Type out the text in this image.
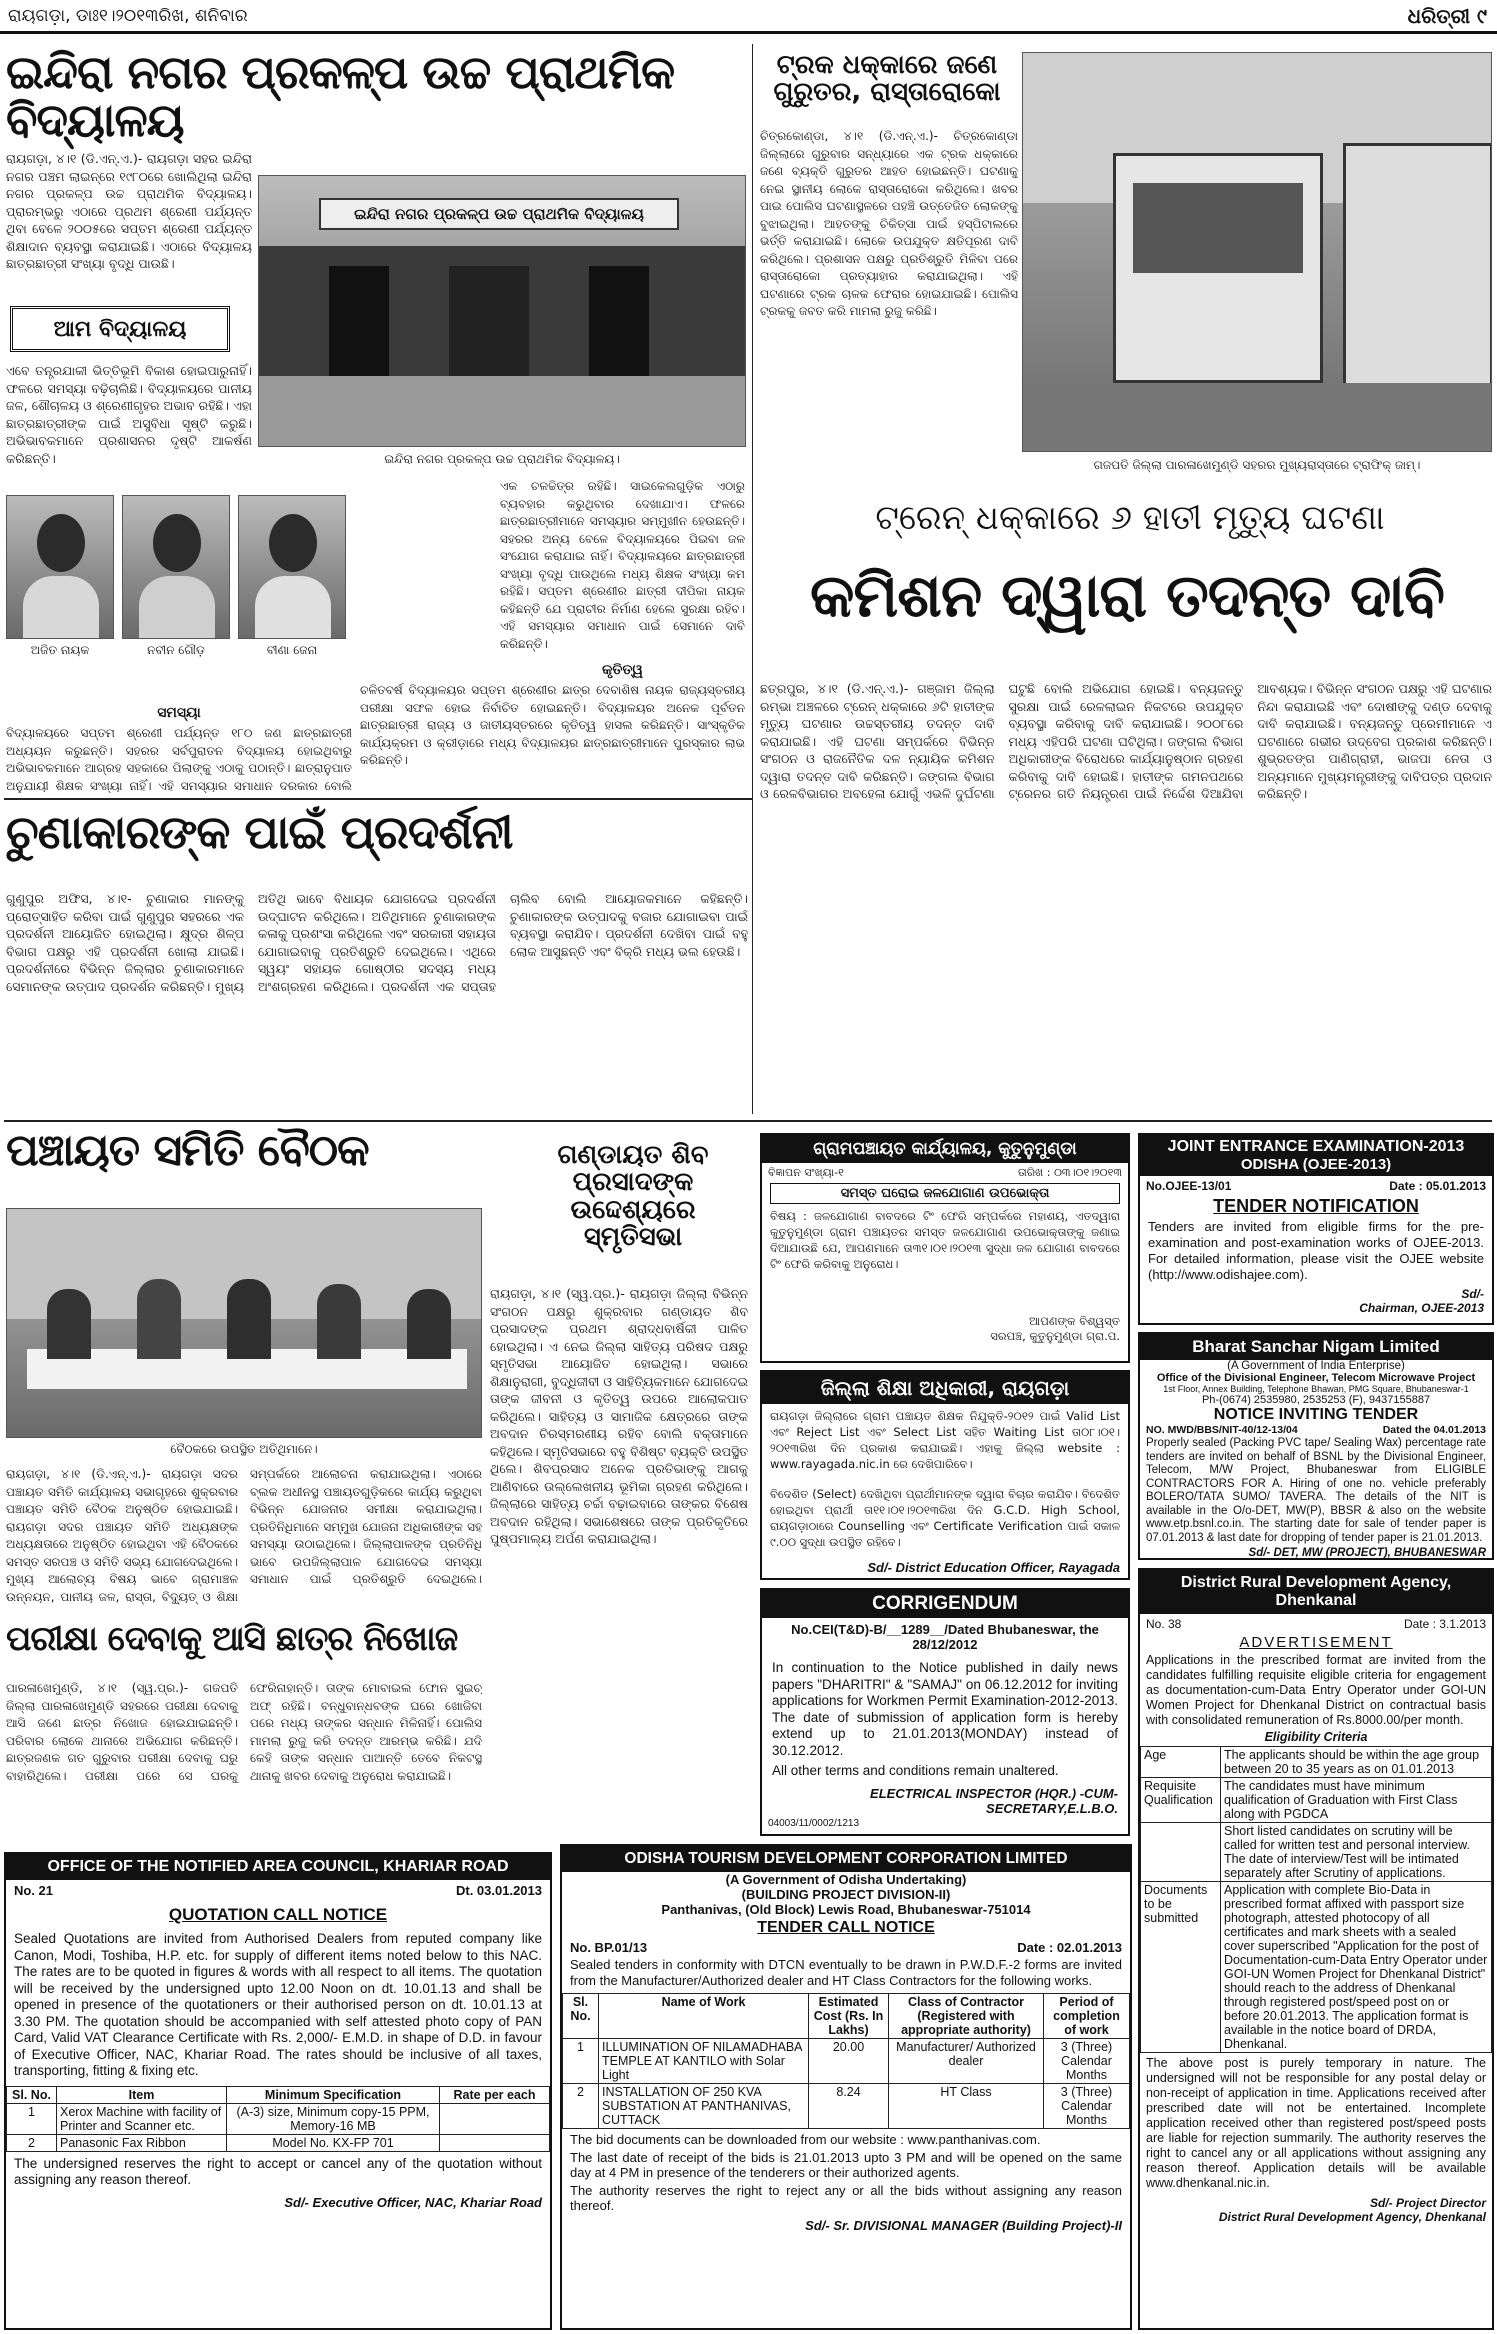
ରାୟଗଡ଼ା, ଡାଃ୧।୨୦୧୩ରିଖ, ଶନିବାର	ଧରିତ୍ରୀ ୯
ଇନ୍ଦିରା ନଗର ପ୍ରକଳ୍ପ ଉଚ୍ଚ ପ୍ରାଥମିକ ବିଦ୍ୟାଳୟ
ରାୟଗଡ଼ା, ୪।୧ (ଡି.ଏନ୍.ଏ.)- ରାୟଗଡ଼ା ସହର ଇନ୍ଦିରା ନଗର ପଞ୍ଚମ ଲାଇନ୍‌ରେ ୧୯୮୦ରେ ଖୋଲିଥିଲା ଇନ୍ଦିରା ନଗର ପ୍ରକଳ୍ପ ଉଚ୍ଚ ପ୍ରାଥମିକ ବିଦ୍ୟାଳୟ। ପ୍ରାରମ୍ଭରୁ ଏଠାରେ ପ୍ରଥମ ଶ୍ରେଣୀ ପର୍ଯ୍ୟନ୍ତ ଥିବା ବେଳେ ୨୦୦୫ରେ ସପ୍ତମ ଶ୍ରେଣୀ ପର୍ଯ୍ୟନ୍ତ ଶିକ୍ଷାଦାନ ବ୍ୟବସ୍ଥା କରାଯାଇଛି। ଏଠାରେ ବିଦ୍ୟାଳୟ ଛାତ୍ରଛାତ୍ରୀ ସଂଖ୍ୟା ବୃଦ୍ଧି ପାଉଛି।
ଆମ ବିଦ୍ୟାଳୟ
ଏବେ ତନ୍ତ୍ରଯାକୀ ଭିତ୍ତିଭୂମି ବିକାଶ ହୋଇପାରୁନାହିଁ। ଫଳରେ ସମସ୍ୟା ବଢ଼ିଚାଲିଛି। ବିଦ୍ୟାଳୟରେ ପାନୀୟ ଜଳ, ଶୌଚାଳୟ ଓ ଶ୍ରେଣୀଗୃହର ଅଭାବ ରହିଛି। ଏହା ଛାତ୍ରଛାତ୍ରୀଙ୍କ ପାଇଁ ଅସୁବିଧା ସୃଷ୍ଟି କରୁଛି। ଅଭିଭାବକମାନେ ପ୍ରଶାସନର ଦୃଷ୍ଟି ଆକର୍ଷଣ କରିଛନ୍ତି।
ଇନ୍ଦିରା ନଗର ପ୍ରକଳ୍ପ ଉଚ୍ଚ ପ୍ରାଥମିକ ବିଦ୍ୟାଳୟ
ଇନ୍ଦିରା ନଗର ପ୍ରକଳ୍ପ ଉଚ୍ଚ ପ୍ରାଥମିକ ବିଦ୍ୟାଳୟ।
ଏକ ଚଳଚ୍ଚିତ୍ର ରହିଛି। ସାଇକେଲଗୁଡ଼ିକ ଏଠାରୁ ବ୍ୟବହାର କରୁଥିବାର ଦେଖାଯାଏ। ଫଳରେ ଛାତ୍ରଛାତ୍ରୀମାନେ ସମସ୍ୟାର ସମ୍ମୁଖୀନ ହେଉଛନ୍ତି। ସହରର ଅନ୍ୟ ବେଳେ ବିଦ୍ୟାଳୟରେ ପିଇବା ଜଳ ସଂଯୋଗ କରାଯାଇ ନାହିଁ। ବିଦ୍ୟାଳୟରେ ଛାତ୍ରଛାତ୍ରୀ ସଂଖ୍ୟା ବୃଦ୍ଧି ପାଉଥିଲେ ମଧ୍ୟ ଶିକ୍ଷକ ସଂଖ୍ୟା କମ ରହିଛି। ସପ୍ତମ ଶ୍ରେଣୀର ଛାତ୍ରୀ ଦୀପିକା ନାୟକ କହିଛନ୍ତି ଯେ ପ୍ରାଚୀର ନିର୍ମାଣ ହେଲେ ସୁରକ୍ଷା ରହିବ। ଏହି ସମସ୍ୟାର ସମାଧାନ ପାଇଁ ସେମାନେ ଦାବି କରିଛନ୍ତି।
ଅଜିତ ନାୟକ	ନବୀନ ଗୌଡ଼	ବୀଣା ଜେନା
କୃତିତ୍ୱ
ଚଳିତବର୍ଷ ବିଦ୍ୟାଳୟର ସପ୍ତମ ଶ୍ରେଣୀର ଛାତ୍ର ଦେବାଶିଷ ନାୟକ ରାଜ୍ୟସ୍ତରୀୟ ପରୀକ୍ଷା ସଫଳ ହୋଇ ନିର୍ବାଚିତ ହୋଇଛନ୍ତି। ବିଦ୍ୟାଳୟର ଅନେକ ପୂର୍ବତନ ଛାତ୍ରଛାତ୍ରୀ ରାଜ୍ୟ ଓ ଜାତୀୟସ୍ତରରେ କୃତିତ୍ୱ ହାସଲ କରିଛନ୍ତି। ସାଂସ୍କୃତିକ କାର୍ଯ୍ୟକ୍ରମ ଓ କ୍ରୀଡ଼ାରେ ମଧ୍ୟ ବିଦ୍ୟାଳୟର ଛାତ୍ରଛାତ୍ରୀମାନେ ପୁରସ୍କାର ଲାଭ କରିଛନ୍ତି।
ସମସ୍ୟା
ବିଦ୍ୟାଳୟରେ ସପ୍ତମ ଶ୍ରେଣୀ ପର୍ଯ୍ୟନ୍ତ ୧୮୦ ଜଣ ଛାତ୍ରଛାତ୍ରୀ ଅଧ୍ୟୟନ କରୁଛନ୍ତି। ସହରର ସର୍ବପୁରାତନ ବିଦ୍ୟାଳୟ ହୋଇଥିବାରୁ ଅଭିଭାବକମାନେ ଆଗ୍ରହ ସହକାରେ ପିଲାଙ୍କୁ ଏଠାକୁ ପଠାନ୍ତି। ଛାତ୍ରାନୁପାତ ଅନୁଯାୟୀ ଶିକ୍ଷକ ସଂଖ୍ୟା ନାହିଁ। ଏହି ସମସ୍ୟାର ସମାଧାନ ଦରକାର ବୋଲି
ଟ୍ରକ ଧକ୍କାରେ ଜଣେ ଗୁରୁତର, ରାସ୍ତାରୋକୋ
ଚିତ୍ରକୋଣ୍ଡା, ୪।୧ (ଡି.ଏନ୍.ଏ.)- ଚିତ୍ରକୋଣ୍ଡା ଜିଲ୍ଲାରେ ଗୁରୁବାର ସନ୍ଧ୍ୟାରେ ଏକ ଟ୍ରକ ଧକ୍କାରେ ଜଣେ ବ୍ୟକ୍ତି ଗୁରୁତର ଆହତ ହୋଇଛନ୍ତି। ଘଟଣାକୁ ନେଇ ସ୍ଥାନୀୟ ଲୋକେ ରାସ୍ତାରୋକୋ କରିଥିଲେ। ଖବର ପାଇ ପୋଲିସ ଘଟଣାସ୍ଥଳରେ ପହଞ୍ଚି ଉତ୍ତେଜିତ ଲୋକଙ୍କୁ ବୁଝାଇଥିଲା। ଆହତଙ୍କୁ ଚିକିତ୍ସା ପାଇଁ ହସ୍ପିଟାଲରେ ଭର୍ତ୍ତି କରାଯାଇଛି। ଲୋକେ ଉପଯୁକ୍ତ କ୍ଷତିପୂରଣ ଦାବି କରିଥିଲେ। ପ୍ରଶାସନ ପକ୍ଷରୁ ପ୍ରତିଶ୍ରୁତି ମିଳିବା ପରେ ରାସ୍ତାରୋକୋ ପ୍ରତ୍ୟାହାର କରାଯାଇଥିଲା। ଏହି ଘଟଣାରେ ଟ୍ରକ ଚାଳକ ଫେରାର ହୋଇଯାଇଛି। ପୋଲିସ ଟ୍ରକକୁ ଜବତ କରି ମାମଲା ରୁଜୁ କରିଛି।
ଗଜପତି ଜିଲ୍ଲା ପାରଳାଖେମୁଣ୍ଡି ସହରର ମୁଖ୍ୟରାସ୍ତାରେ ଟ୍ରାଫିକ୍ ଜାମ୍।
ଟ୍ରେନ୍ ଧକ୍କାରେ ୬ ହାତୀ ମୃତ୍ୟୁ ଘଟଣା
କମିଶନ ଦ୍ୱାରା ତଦନ୍ତ ଦାବି
ଛତ୍ରପୁର, ୪।୧ (ଡି.ଏନ୍.ଏ.)- ଗଞ୍ଜାମ ଜିଲ୍ଲା ରମ୍ଭା ଅଞ୍ଚଳରେ ଟ୍ରେନ୍ ଧକ୍କାରେ ୬ଟି ହାତୀଙ୍କ ମୃତ୍ୟୁ ଘଟଣାର ଉଚ୍ଚସ୍ତରୀୟ ତଦନ୍ତ ଦାବି କରାଯାଇଛି। ଏହି ଘଟଣା ସମ୍ପର୍କରେ ବିଭିନ୍ନ ସଂଗଠନ ଓ ରାଜନୈତିକ ଦଳ ନ୍ୟାୟିକ କମିଶନ ଦ୍ୱାରା ତଦନ୍ତ ଦାବି କରିଛନ୍ତି। ଜଙ୍ଗଲ ବିଭାଗ ଓ ରେଳବିଭାଗର ଅବହେଳା ଯୋଗୁଁ ଏଭଳି ଦୁର୍ଘଟଣା ଘଟୁଛି ବୋଲି ଅଭିଯୋଗ ହୋଇଛି। ବନ୍ୟଜନ୍ତୁ ସୁରକ୍ଷା ପାଇଁ ରେଳଲାଇନ ନିକଟରେ ଉପଯୁକ୍ତ ବ୍ୟବସ୍ଥା କରିବାକୁ ଦାବି କରାଯାଇଛି। ୨୦୦୮ରେ ମଧ୍ୟ ଏହିପରି ଘଟଣା ଘଟିଥିଲା। ଜଙ୍ଗଲ ବିଭାଗ ଅଧିକାରୀଙ୍କ ବିରୋଧରେ କାର୍ଯ୍ୟାନୁଷ୍ଠାନ ଗ୍ରହଣ କରିବାକୁ ଦାବି ହୋଇଛି। ହାତୀଙ୍କ ଗମନପଥରେ ଟ୍ରେନର ଗତି ନିୟନ୍ତ୍ରଣ ପାଇଁ ନିର୍ଦ୍ଦେଶ ଦିଆଯିବା ଆବଶ୍ୟକ। ବିଭିନ୍ନ ସଂଗଠନ ପକ୍ଷରୁ ଏହି ଘଟଣାର ନିନ୍ଦା କରାଯାଇଛି ଏବଂ ଦୋଷୀଙ୍କୁ ଦଣ୍ଡ ଦେବାକୁ ଦାବି କରାଯାଇଛି। ବନ୍ୟଜନ୍ତୁ ପ୍ରେମୀମାନେ ଏ ଘଟଣାରେ ଗଭୀର ଉଦ୍‌ବେଗ ପ୍ରକାଶ କରିଛନ୍ତି। ଶୁଭ୍ରତଙ୍ଗ ପାଣିଗ୍ରାହୀ, ଭାଜପା ନେତା ଓ ଅନ୍ୟମାନେ ମୁଖ୍ୟମନ୍ତ୍ରୀଙ୍କୁ ଦାବିପତ୍ର ପ୍ରଦାନ କରିଛନ୍ତି।
ଚୁଣାକାରଙ୍କ ପାଇଁ ପ୍ରଦର୍ଶନୀ
ଗୁଣୁପୁର ଅଫିସ, ୪।୧- ଚୁଣାକାର ମାନଙ୍କୁ ପ୍ରୋତ୍ସାହିତ କରିବା ପାଇଁ ଗୁଣୁପୁର ସହରରେ ଏକ ପ୍ରଦର୍ଶନୀ ଆୟୋଜିତ ହୋଇଥିଲା। କ୍ଷୁଦ୍ର ଶିଳ୍ପ ବିଭାଗ ପକ୍ଷରୁ ଏହି ପ୍ରଦର୍ଶନୀ ଖୋଲା ଯାଇଛି। ପ୍ରଦର୍ଶନୀରେ ବିଭିନ୍ନ ଜିଲ୍ଲାର ଚୁଣାକାରମାନେ ସେମାନଙ୍କ ଉତ୍ପାଦ ପ୍ରଦର୍ଶନ କରିଛନ୍ତି। ମୁଖ୍ୟ ଅତିଥି ଭାବେ ବିଧାୟକ ଯୋଗଦେଇ ପ୍ରଦର୍ଶନୀ ଉଦ୍‌ଘାଟନ କରିଥିଲେ। ଅତିଥିମାନେ ଚୁଣାକାରଙ୍କ କଳାକୁ ପ୍ରଶଂସା କରିଥିଲେ ଏବଂ ସରକାରୀ ସହାୟତା ଯୋଗାଇବାକୁ ପ୍ରତିଶ୍ରୁତି ଦେଇଥିଲେ। ଏଥିରେ ସ୍ୱୟଂ ସହାୟକ ଗୋଷ୍ଠୀର ସଦସ୍ୟ ମଧ୍ୟ ଅଂଶଗ୍ରହଣ କରିଥିଲେ। ପ୍ରଦର୍ଶନୀ ଏକ ସପ୍ତାହ ଚାଲିବ ବୋଲି ଆୟୋଜକମାନେ କହିଛନ୍ତି। ଚୁଣାକାରଙ୍କ ଉତ୍ପାଦକୁ ବଜାର ଯୋଗାଇବା ପାଇଁ ବ୍ୟବସ୍ଥା କରାଯିବ। ପ୍ରଦର୍ଶନୀ ଦେଖିବା ପାଇଁ ବହୁ ଲୋକ ଆସୁଛନ୍ତି ଏବଂ ବିକ୍ରି ମଧ୍ୟ ଭଲ ହେଉଛି।
ପଞ୍ଚାୟତ ସମିତି ବୈଠକ
ବୈଠକରେ ଉପସ୍ଥିତ ଅତିଥିମାନେ।
ରାୟଗଡ଼ା, ୪।୧ (ଡି.ଏନ୍.ଏ.)- ରାୟଗଡ଼ା ସଦର ପଞ୍ଚାୟତ ସମିତି କାର୍ଯ୍ୟାଳୟ ସଭାଗୃହରେ ଶୁକ୍ରବାର ପଞ୍ଚାୟତ ସମିତି ବୈଠକ ଅନୁଷ୍ଠିତ ହୋଇଯାଇଛି। ରାୟଗଡ଼ା ସଦର ପଞ୍ଚାୟତ ସମିତି ଅଧ୍ୟକ୍ଷଙ୍କ ଅଧ୍ୟକ୍ଷତାରେ ଅନୁଷ୍ଠିତ ହୋଇଥିବା ଏହି ବୈଠକରେ ସମସ୍ତ ସରପଞ୍ଚ ଓ ସମିତି ସଭ୍ୟ ଯୋଗଦେଇଥିଲେ। ମୁଖ୍ୟ ଆଲୋଚ୍ୟ ବିଷୟ ଭାବେ ଗ୍ରାମାଞ୍ଚଳ ଉନ୍ନୟନ, ପାନୀୟ ଜଳ, ରାସ୍ତା, ବିଦ୍ୟୁତ୍ ଓ ଶିକ୍ଷା ସମ୍ପର୍କରେ ଆଲୋଚନା କରାଯାଇଥିଲା। ଏଠାରେ ବ୍ଲକ ଅଧୀନସ୍ଥ ପଞ୍ଚାୟତଗୁଡ଼ିକରେ କାର୍ଯ୍ୟ କରୁଥିବା ବିଭିନ୍ନ ଯୋଜନାର ସମୀକ୍ଷା କରାଯାଇଥିଲା। ପ୍ରତିନିଧିମାନେ ସମ୍ମୁଖ ଯୋଜନା ଅଧିକାରୀଙ୍କ ସହ ସମସ୍ୟା ଉଠାଇଥିଲେ। ଜିଲ୍ଲାପାଳଙ୍କ ପ୍ରତିନିଧି ଭାବେ ଉପଜିଲ୍ଲାପାଳ ଯୋଗଦେଇ ସମସ୍ୟା ସମାଧାନ ପାଇଁ ପ୍ରତିଶ୍ରୁତି ଦେଇଥିଲେ।
ଗଣ୍ଡାୟତ ଶିବ ପ୍ରସାଦଙ୍କ ଉଦ୍ଦେଶ୍ୟରେ ସ୍ମୃତିସଭା
ରାୟଗଡ଼ା, ୪।୧ (ସ୍ୱ.ପ୍ର.)- ରାୟଗଡ଼ା ଜିଲ୍ଲା ବିଭିନ୍ନ ସଂଗଠନ ପକ୍ଷରୁ ଶୁକ୍ରବାର ଗଣ୍ଡାୟତ ଶିବ ପ୍ରସାଦଙ୍କ ପ୍ରଥମ ଶ୍ରାଦ୍ଧବାର୍ଷିକୀ ପାଳିତ ହୋଇଥିଲା। ଏ ନେଇ ଜିଲ୍ଲା ସାହିତ୍ୟ ପରିଷଦ ପକ୍ଷରୁ ସ୍ମୃତିସଭା ଆୟୋଜିତ ହୋଇଥିଲା। ସଭାରେ ଶିକ୍ଷାନୁରାଗୀ, ବୁଦ୍ଧିଜୀବୀ ଓ ସାହିତ୍ୟିକମାନେ ଯୋଗଦେଇ ତାଙ୍କ ଜୀବନୀ ଓ କୃତିତ୍ୱ ଉପରେ ଆଲୋକପାତ କରିଥିଲେ। ସାହିତ୍ୟ ଓ ସାମାଜିକ କ୍ଷେତ୍ରରେ ତାଙ୍କ ଅବଦାନ ଚିରସ୍ମରଣୀୟ ରହିବ ବୋଲି ବକ୍ତାମାନେ କହିଥିଲେ। ସ୍ମୃତିସଭାରେ ବହୁ ବିଶିଷ୍ଟ ବ୍ୟକ୍ତି ଉପସ୍ଥିତ ଥିଲେ। ଶିବପ୍ରସାଦ ଅନେକ ପ୍ରତିଭାଙ୍କୁ ଆଗକୁ ଆଣିବାରେ ଉଲ୍ଲେଖନୀୟ ଭୂମିକା ଗ୍ରହଣ କରିଥିଲେ। ଜିଲ୍ଲାରେ ସାହିତ୍ୟ ଚର୍ଚ୍ଚା ବଢ଼ାଇବାରେ ତାଙ୍କର ବିଶେଷ ଅବଦାନ ରହିଥିଲା। ସଭାଶେଷରେ ତାଙ୍କ ପ୍ରତିକୃତିରେ ପୁଷ୍ପମାଲ୍ୟ ଅର୍ପଣ କରାଯାଇଥିଲା।
ପରୀକ୍ଷା ଦେବାକୁ ଆସି ଛାତ୍ର ନିଖୋଜ
ପାରଳାଖେମୁଣ୍ଡି, ୪।୧ (ସ୍ୱ.ପ୍ର.)- ଗଜପତି ଜିଲ୍ଲା ପାରଳାଖେମୁଣ୍ଡି ସହରରେ ପରୀକ୍ଷା ଦେବାକୁ ଆସି ଜଣେ ଛାତ୍ର ନିଖୋଜ ହୋଇଯାଇଛନ୍ତି। ପରିବାର ଲୋକେ ଥାନାରେ ଅଭିଯୋଗ କରିଛନ୍ତି। ଛାତ୍ରଜଣକ ଗତ ଗୁରୁବାର ପରୀକ୍ଷା ଦେବାକୁ ଘରୁ ବାହାରିଥିଲେ। ପରୀକ୍ଷା ପରେ ସେ ଘରକୁ ଫେରିନାହାନ୍ତି। ତାଙ୍କ ମୋବାଇଲ ଫୋନ ସୁଇଚ୍ ଅଫ୍ ରହିଛି। ବନ୍ଧୁବାନ୍ଧବଙ୍କ ଘରେ ଖୋଜିବା ପରେ ମଧ୍ୟ ତାଙ୍କର ସନ୍ଧାନ ମିଳିନାହିଁ। ପୋଲିସ ମାମଲା ରୁଜୁ କରି ତଦନ୍ତ ଆରମ୍ଭ କରିଛି। ଯଦି କେହି ତାଙ୍କ ସନ୍ଧାନ ପାଆନ୍ତି ତେବେ ନିକଟସ୍ଥ ଥାନାକୁ ଖବର ଦେବାକୁ ଅନୁରୋଧ କରାଯାଇଛି।
ଗ୍ରାମପଞ୍ଚାୟତ କାର୍ଯ୍ୟାଳୟ, କୁତୁନୁମୁଣ୍ଡା
ବିଜ୍ଞାପନ ସଂଖ୍ୟା-୧	ତାରିଖ : ୦୩।୦୧।୨୦୧୩
ସମସ୍ତ ଘରୋଇ ଜଳଯୋଗାଣ ଉପଭୋକ୍ତା
ବିଷୟ : ଜଳଯୋଗାଣ ବାବଦରେ ଟିଂ ଫେରି ସମ୍ପର୍କରେ ମହାଶୟ, ଏତଦ୍ୱାରା କୁତୁନୁମୁଣ୍ଡା ଗ୍ରାମ ପଞ୍ଚାୟତର ସମସ୍ତ ଜଳଯୋଗାଣ ଉପଭୋକ୍ତାଙ୍କୁ ଜଣାଇ ଦିଆଯାଉଛି ଯେ, ଆପଣମାନେ ତା୩୧।୦୧।୨୦୧୩ ସୁଦ୍ଧା ଜଳ ଯୋଗାଣ ବାବଦରେ ଟିଂ ଫେରି କରିବାକୁ ଅନୁରୋଧ।
ଆପଣଙ୍କ ବିଶ୍ୱସ୍ତ
ସରପଞ୍ଚ, କୁତୁନୁମୁଣ୍ଡା ଗ୍ରା.ପ.
ଜିଲ୍ଲା ଶିକ୍ଷା ଅଧିକାରୀ, ରାୟଗଡ଼ା
ରାୟଗଡ଼ା ଜିଲ୍ଲାରେ ଗ୍ରାମ ପଞ୍ଚାୟତ ଶିକ୍ଷକ ନିଯୁକ୍ତି-୨୦୧୨ ପାଇଁ Valid List ଏବଂ Reject List ଏବଂ Select List ସହିତ Waiting List ତା୦୮।୦୧।୨୦୧୩ରିଖ ଦିନ ପ୍ରକାଶ କରାଯାଇଛି। ଏହାକୁ ଜିଲ୍ଲା website : www.rayagada.nic.in ରେ ଦେଖିପାରିବେ।
ବିଦେଶିତ (Select) ଦେଖିଥିବା ପ୍ରାର୍ଥୀମାନଙ୍କ ଦ୍ୱାରା ବିଚାର କରାଯିବ। ବିଦେଶିତ ହୋଇଥିବା ପ୍ରାର୍ଥୀ ତା୧୧।୦୧।୨୦୧୩ରିଖ ଦିନ G.C.D. High School, ରାୟଗଡ଼ାଠାରେ Counselling ଏବଂ Certificate Verification ପାଇଁ ସକାଳ ୯.୦୦ ସୁଦ୍ଧା ଉପସ୍ଥିତ ରହିବେ।
Sd/- District Education Officer, Rayagada
CORRIGENDUM
No.CEI(T&D)-B/__1289__/Dated Bhubaneswar, the 28/12/2012
In continuation to the Notice published in daily news papers "DHARITRI" & "SAMAJ" on 06.12.2012 for inviting applications for Workmen Permit Examination-2012-2013. The date of submission of application form is hereby extend up to 21.01.2013(MONDAY) instead of 30.12.2012.
All other terms and conditions remain unaltered.
ELECTRICAL INSPECTOR (HQR.) -CUM-SECRETARY,E.L.B.O.
04003/11/0002/1213
JOINT ENTRANCE EXAMINATION-2013
ODISHA (OJEE-2013)
No.OJEE-13/01	Date : 05.01.2013
TENDER NOTIFICATION
Tenders are invited from eligible firms for the pre-examination and post-examination works of OJEE-2013. For detailed information, please visit the OJEE website (http://www.odishajee.com).
Sd/-
Chairman, OJEE-2013
Bharat Sanchar Nigam Limited
(A Government of India Enterprise)
Office of the Divisional Engineer, Telecom Microwave Project
1st Floor, Annex Building, Telephone Bhawan, PMG Square, Bhubaneswar-1
Ph-(0674) 2535980, 2535253 (F), 9437155887
NOTICE INVITING TENDER
NO. MWD/BBS/NIT-40/12-13/04	Dated the 04.01.2013
Properly sealed (Packing PVC tape/ Sealing Wax) percentage rate tenders are invited on behalf of BSNL by the Divisional Engineer, Telecom, M/W Project, Bhubaneswar from ELIGIBLE CONTRACTORS FOR A. Hiring of one no. vehicle preferably BOLERO/TATA SUMO/ TAVERA. The details of the NIT is available in the O/o-DET, MW(P), BBSR & also on the website www.etp.bsnl.co.in. The starting date for sale of tender paper is 07.01.2013 & last date for dropping of tender paper is 21.01.2013.
Sd/- DET, MW (PROJECT), BHUBANESWAR
District Rural Development Agency, Dhenkanal
No. 38	Date : 3.1.2013
ADVERTISEMENT
Applications in the prescribed format are invited from the candidates fulfilling requisite eligible criteria for engagement as documentation-cum-Data Entry Operator under GOI-UN Women Project for Dhenkanal District on contractual basis with consolidated remuneration of Rs.8000.00/per month.
Eligibility Criteria
Age	The applicants should be within the age group between 20 to 35 years as on 01.01.2013
Requisite Qualification	The candidates must have minimum qualification of Graduation with First Class along with PGDCA
	Short listed candidates on scrutiny will be called for written test and personal interview. The date of interview/Test will be intimated separately after Scrutiny of applications.
Documents to be submitted	Application with complete Bio-Data in prescribed format affixed with passport size photograph, attested photocopy of all certificates and mark sheets with a sealed cover superscribed "Application for the post of Documentation-cum-Data Entry Operator under GOI-UN Women Project for Dhenkanal District" should reach to the address of Dhenkanal through registered post/speed post on or before 20.01.2013. The application format is available in the notice board of DRDA, Dhenkanal.
The above post is purely temporary in nature. The undersigned will not be responsible for any postal delay or non-receipt of application in time. Applications received after prescribed date will not be entertained. Incomplete application received other than registered post/speed posts are liable for rejection summarily. The authority reserves the right to cancel any or all applications without assigning any reason thereof. Application details will be available www.dhenkanal.nic.in.
Sd/- Project Director
District Rural Development Agency, Dhenkanal
OFFICE OF THE NOTIFIED AREA COUNCIL, KHARIAR ROAD
No. 21	Dt. 03.01.2013
QUOTATION CALL NOTICE
Sealed Quotations are invited from Authorised Dealers from reputed company like Canon, Modi, Toshiba, H.P. etc. for supply of different items noted below to this NAC. The rates are to be quoted in figures & words with all respect to all items. The quotation will be received by the undersigned upto 12.00 Noon on dt. 10.01.13 and shall be opened in presence of the quotationers or their authorised person on dt. 10.01.13 at 3.30 PM. The quotation should be accompanied with self attested photo copy of PAN Card, Valid VAT Clearance Certificate with Rs. 2,000/- E.M.D. in shape of D.D. in favour of Executive Officer, NAC, Khariar Road. The rates should be inclusive of all taxes, transporting, fitting & fixing etc.
Sl. No.	Item	Minimum Specification	Rate per each
1	Xerox Machine with facility of Printer and Scanner etc.	(A-3) size, Minimum copy-15 PPM, Memory-16 MB	
2	Panasonic Fax Ribbon	Model No. KX-FP 701	
The undersigned reserves the right to accept or cancel any of the quotation without assigning any reason thereof.
Sd/- Executive Officer, NAC, Khariar Road
ODISHA TOURISM DEVELOPMENT CORPORATION LIMITED
(A Government of Odisha Undertaking)
(BUILDING PROJECT DIVISION-II)
Panthanivas, (Old Block) Lewis Road, Bhubaneswar-751014
TENDER CALL NOTICE
No. BP.01/13	Date : 02.01.2013
Sealed tenders in conformity with DTCN eventually to be drawn in P.W.D.F.-2 forms are invited from the Manufacturer/Authorized dealer and HT Class Contractors for the following works.
Sl. No.	Name of Work	Estimated Cost (Rs. In Lakhs)	Class of Contractor (Registered with appropriate authority)	Period of completion of work
1	ILLUMINATION OF NILAMADHABA TEMPLE AT KANTILO with Solar Light	20.00	Manufacturer/ Authorized dealer	3 (Three) Calendar Months
2	INSTALLATION OF 250 KVA SUBSTATION AT PANTHANIVAS, CUTTACK	8.24	HT Class	3 (Three) Calendar Months
The bid documents can be downloaded from our website : www.panthanivas.com.
The last date of receipt of the bids is 21.01.2013 upto 3 PM and will be opened on the same day at 4 PM in presence of the tenderers or their authorized agents.
The authority reserves the right to reject any or all the bids without assigning any reason thereof.
Sd/- Sr. DIVISIONAL MANAGER (Building Project)-II
